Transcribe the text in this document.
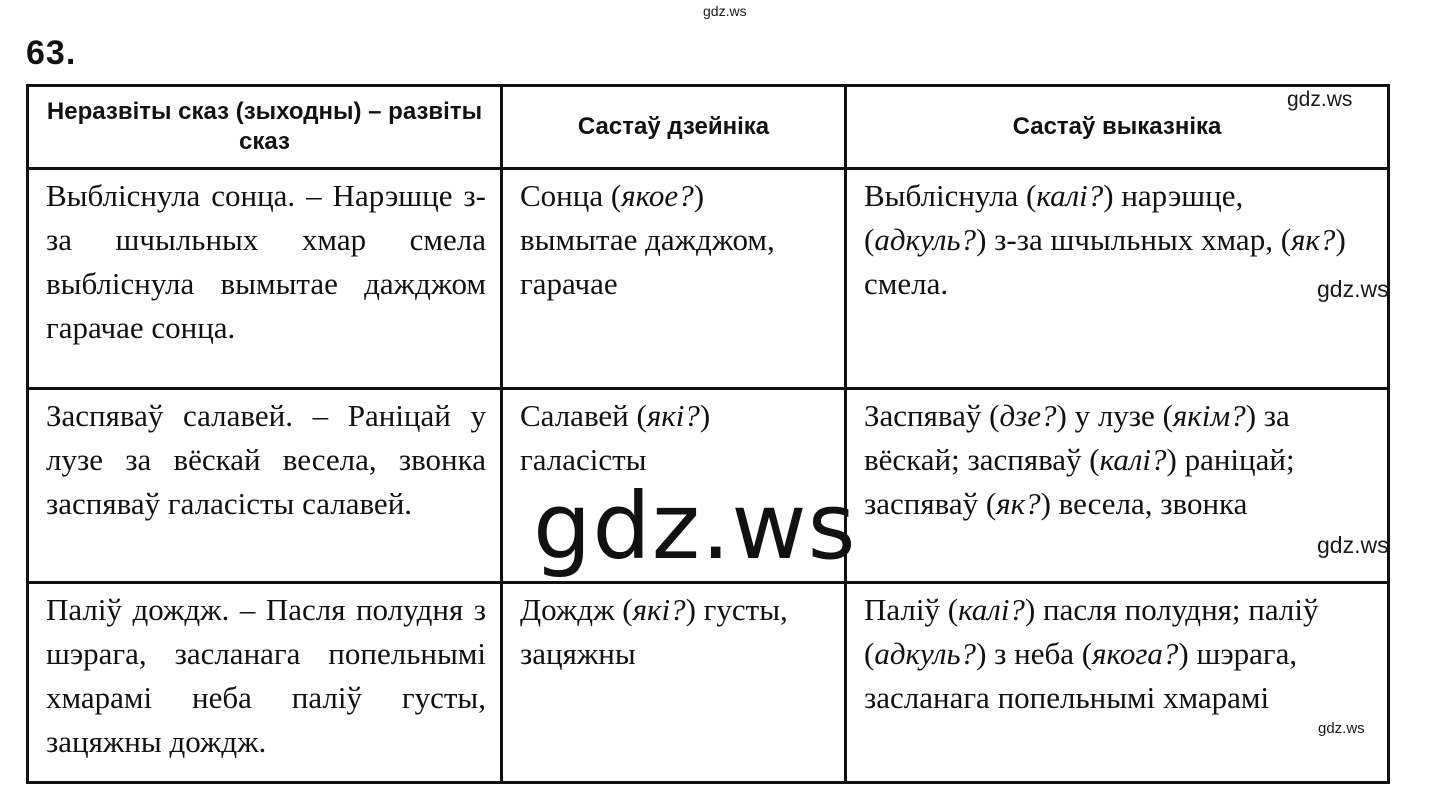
gdz.ws
63.
Неразвіты сказ (зыходны) – развіты сказ	Састаў дзейніка	Састаў выказніка
Выбліснула сонца. – Нарэшце з-за шчыльных хмар смела выбліснула вымытае дажджом гарачае сонца.	Сонца (якое?) вымытае дажджом, гарачае	Выбліснула (калі?) нарэшце, (адкуль?) з-за шчыльных хмар, (як?) смела.
Заспяваў салавей. – Раніцай у лузе за вёскай весела, звонка заспяваў галасісты салавей.	Салавей (які?) галасісты	Заспяваў (дзе?) у лузе (якім?) за вёскай; заспяваў (калі?) раніцай; заспяваў (як?) весела, звонка
Паліў дождж. – Пасля полудня з шэрага, засланага попельнымі хмарамі неба паліў густы, зацяжны дождж.	Дождж (які?) густы, зацяжны	Паліў (калі?) пасля полудня; паліў (адкуль?) з неба (якога?) шэрага, засланага попельнымі хмарамі
gdz.ws
gdz.ws
gdz.ws
gdz.ws
gdz.ws
